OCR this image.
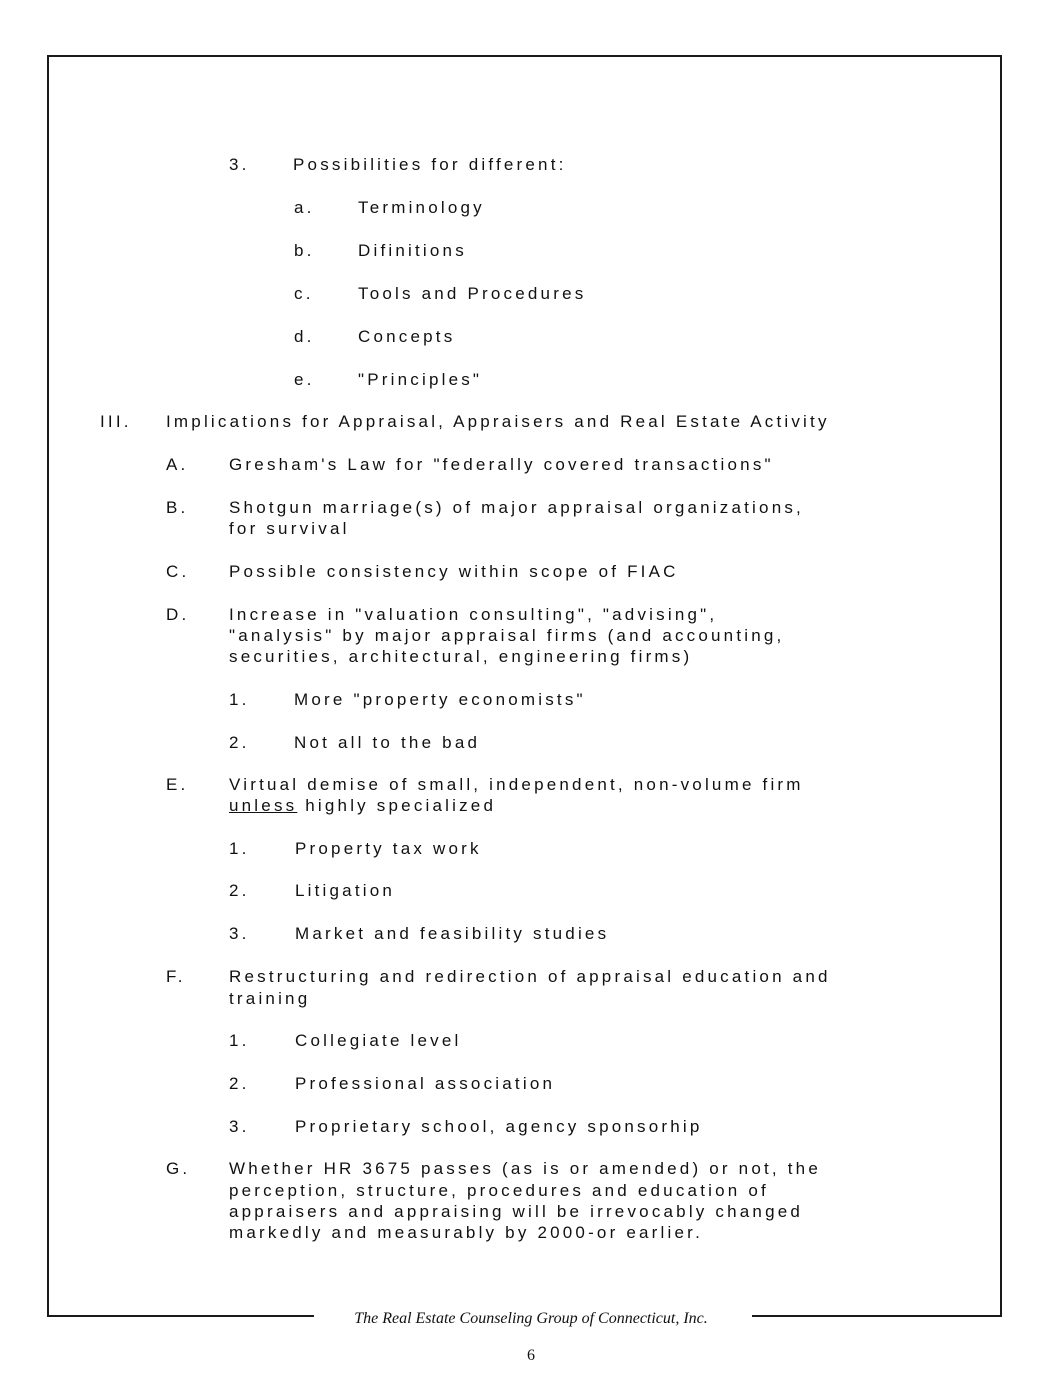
3.	Possibilities for different:
a.	Terminology
b.	Difinitions
c.	Tools and Procedures
d.	Concepts
e.	"Principles"
III. Implications for Appraisal, Appraisers and Real Estate Activity
A. Gresham's Law for "federally covered transactions"
B. Shotgun marriage(s) of major appraisal organizations,
for survival
C. Possible consistency within scope of FIAC
D. Increase in "valuation consulting", "advising",
"analysis" by major appraisal firms (and accounting,
securities, architectural, engineering firms)
1.	More "property economists"
2.	Not all to the bad
E. Virtual demise of small, independent, non-volume firm
unless highly specialized
1.	Property tax work
2.	Litigation
3.	Market and feasibility studies
F.	Restructuring and redirection of appraisal education and
training
1.	Collegiate level
2.	Professional association
3.	Proprietary school, agency sponsorhip
G. Whether HR 3675 passes (as is or amended) or not, the
perception, structure, procedures and education of
appraisers and appraising will be irrevocably changed
markedly and measurably by 2000-or earlier.
The Real Estate Counseling Group of Connecticut, Inc.
6
